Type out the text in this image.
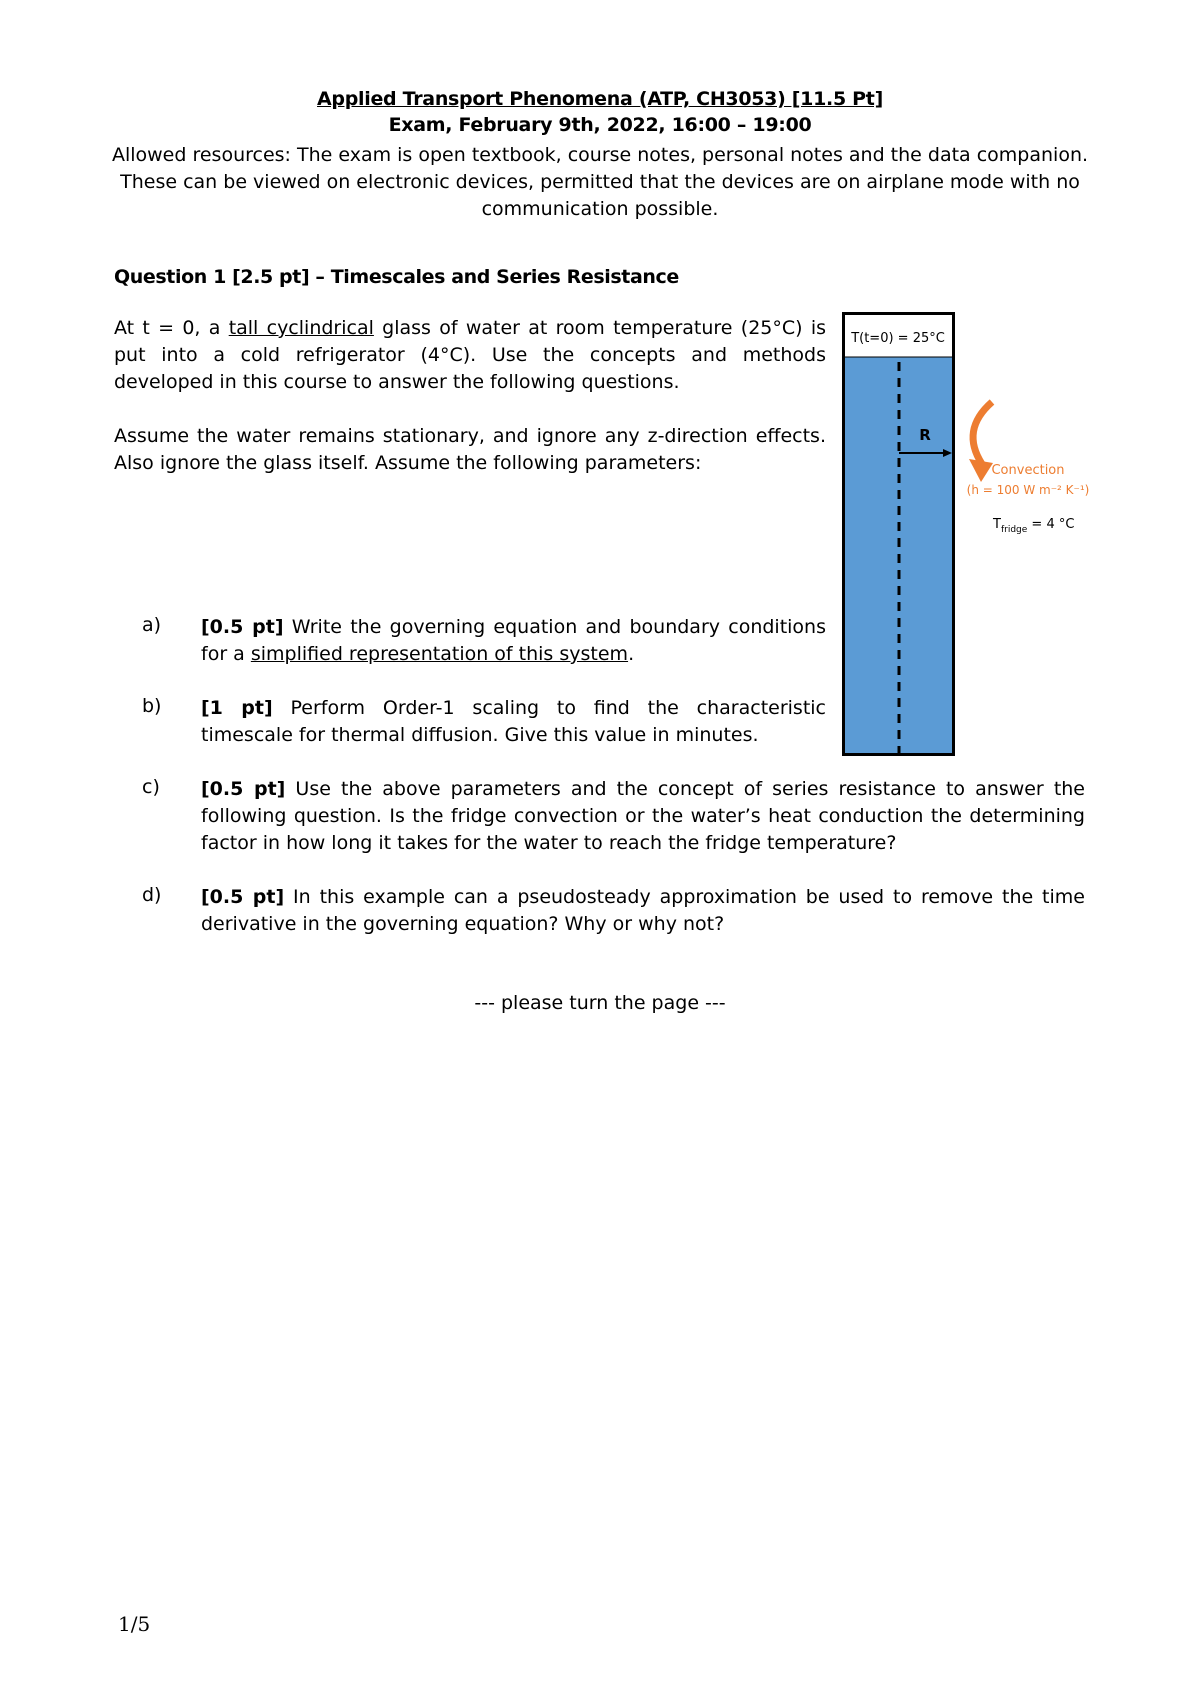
Applied Transport Phenomena (ATP, CH3053) [11.5 Pt]
Exam, February 9th, 2022, 16:00 – 19:00
Allowed resources: The exam is open textbook, course notes, personal notes and the data companion. These can be viewed on electronic devices, permitted that the devices are on airplane mode with no communication possible.
Question 1 [2.5 pt] – Timescales and Series Resistance
At t = 0, a tall cyclindrical glass of water at room temperature (25°C) is put into a cold refrigerator (4°C). Use the concepts and methods developed in this course to answer the following questions.
Assume the water remains stationary, and ignore any z-direction effects. Also ignore the glass itself. Assume the following parameters:
a) [0.5 pt] Write the governing equation and boundary conditions for a simplified representation of this system.
b) [1 pt] Perform Order-1 scaling to find the characteristic timescale for thermal diffusion. Give this value in minutes.
c) [0.5 pt] Use the above parameters and the concept of series resistance to answer the following question. Is the fridge convection or the water’s heat conduction the determining factor in how long it takes for the water to reach the fridge temperature?
d) [0.5 pt] In this example can a pseudosteady approximation be used to remove the time derivative in the governing equation? Why or why not?
T(t=0) = 25°C
R
Convection
(h = 100 W m⁻² K⁻¹)
$T_{fridge} = 4$ °C
--- please turn the page ---
1/5
